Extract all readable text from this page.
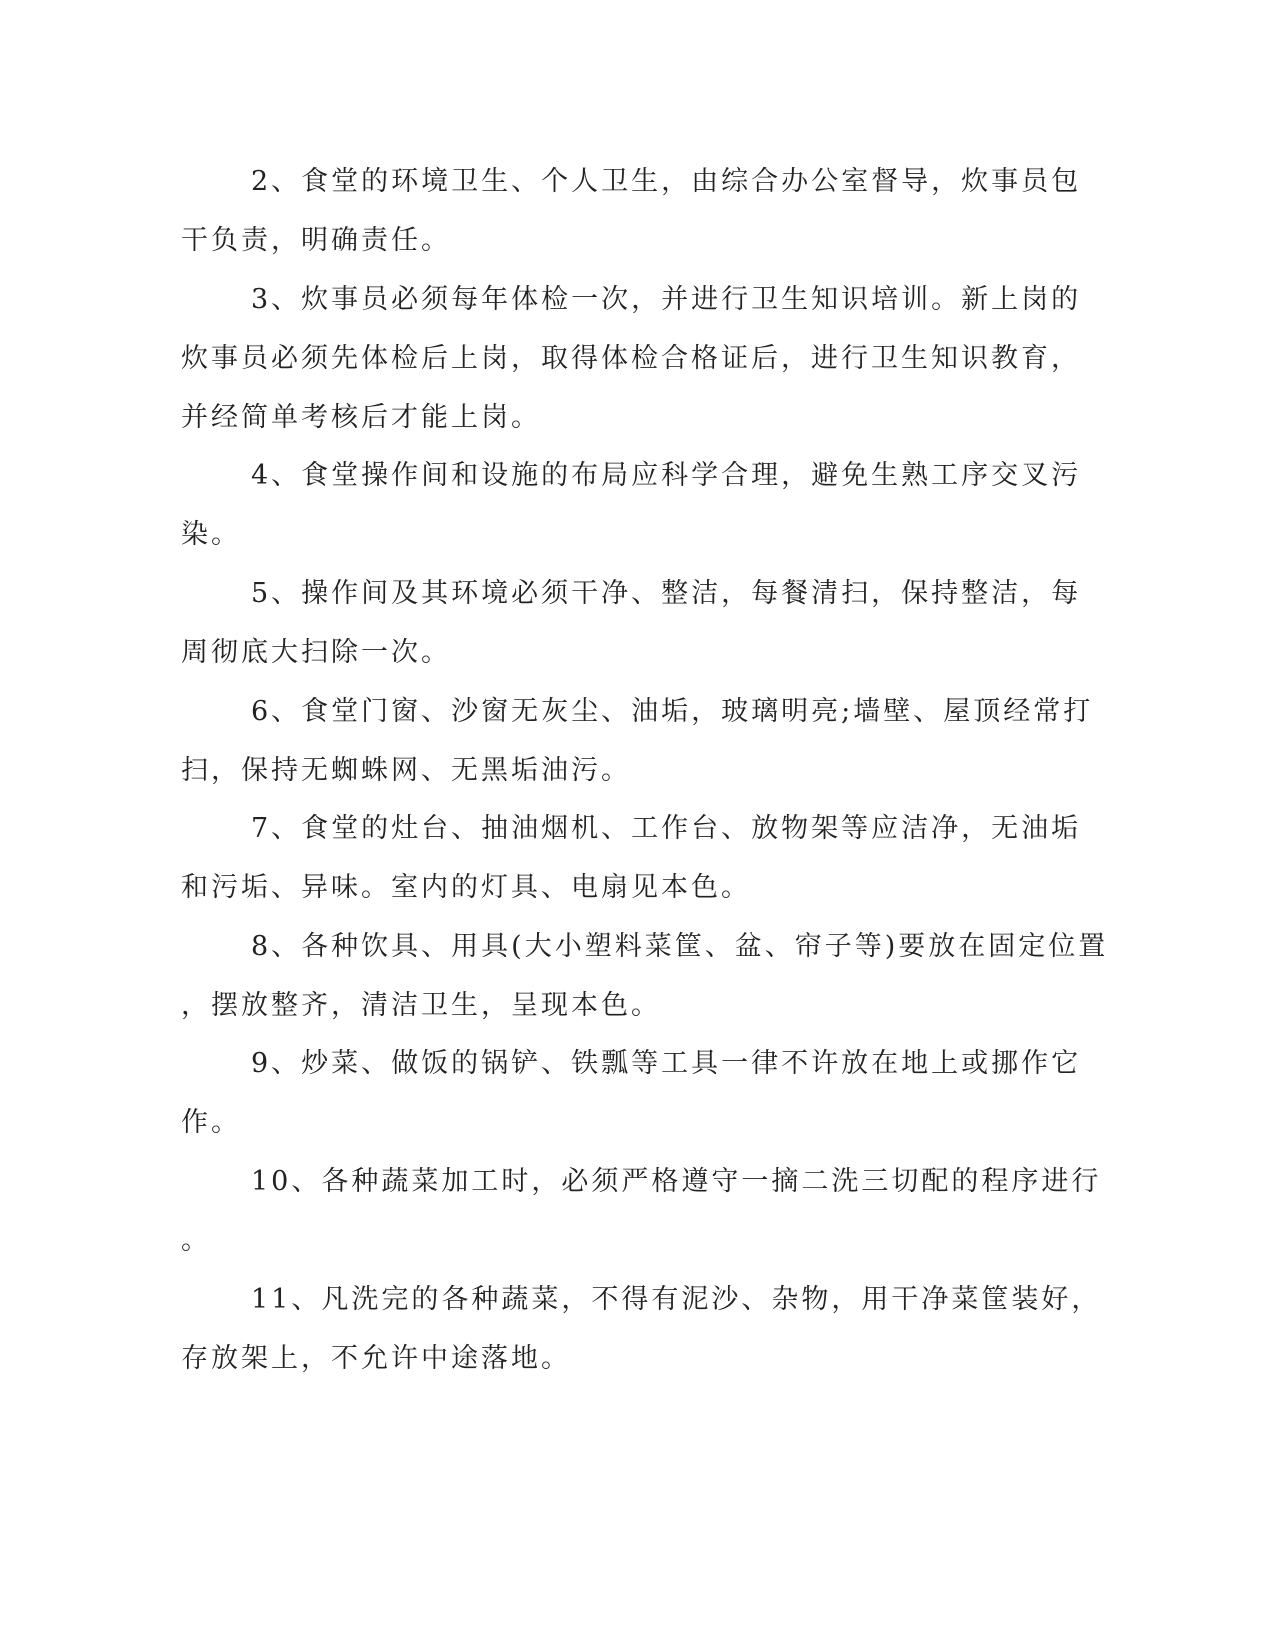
2、食堂的环境卫生、个人卫生，由综合办公室督导，炊事员包
干负责，明确责任。
3、炊事员必须每年体检一次，并进行卫生知识培训。新上岗的
炊事员必须先体检后上岗，取得体检合格证后，进行卫生知识教育，
并经简单考核后才能上岗。
4、食堂操作间和设施的布局应科学合理，避免生熟工序交叉污
染。
5、操作间及其环境必须干净、整洁，每餐清扫，保持整洁，每
周彻底大扫除一次。
6、食堂门窗、沙窗无灰尘、油垢，玻璃明亮;墙壁、屋顶经常打
扫，保持无蜘蛛网、无黑垢油污。
7、食堂的灶台、抽油烟机、工作台、放物架等应洁净，无油垢
和污垢、异味。室内的灯具、电扇见本色。
8、各种饮具、用具(大小塑料菜筐、盆、帘子等)要放在固定位置
，摆放整齐，清洁卫生，呈现本色。
9、炒菜、做饭的锅铲、铁瓢等工具一律不许放在地上或挪作它
作。
10、各种蔬菜加工时，必须严格遵守一摘二洗三切配的程序进行
。
11、凡洗完的各种蔬菜，不得有泥沙、杂物，用干净菜筐装好，
存放架上，不允许中途落地。
